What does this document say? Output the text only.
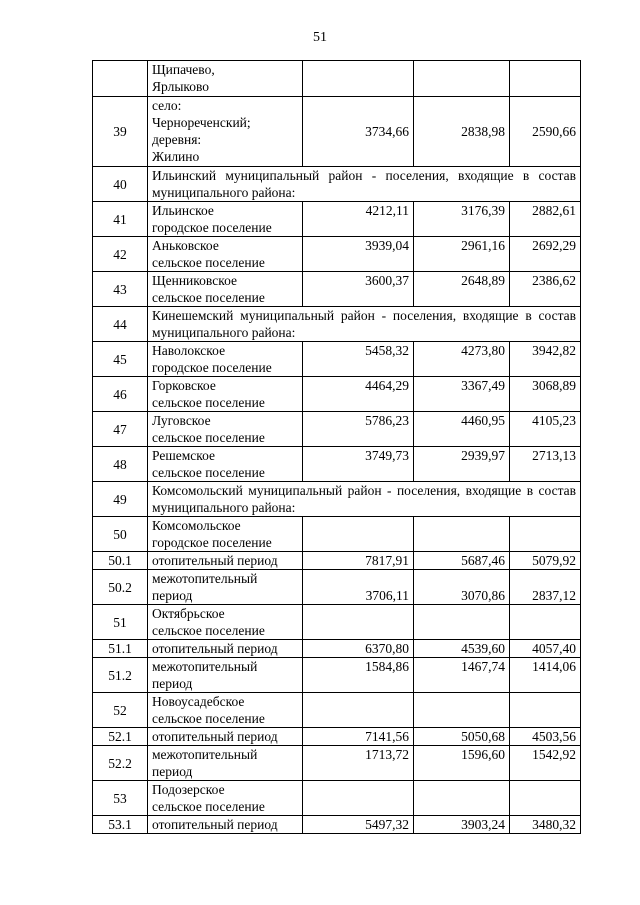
51
	Щипачево,
Ярлыково			
39	село:
Чернореченский;
деревня:
Жилино	3734,66	2838,98	2590,66
40	Ильинский муниципальный район - поселения, входящие в состав муниципального района:			
41	Ильинское
городское поселение	4212,11	3176,39	2882,61
42	Аньковское
сельское поселение	3939,04	2961,16	2692,29
43	Щенниковское
сельское поселение	3600,37	2648,89	2386,62
44	Кинешемский муниципальный район - поселения, входящие в состав муниципального района:			
45	Наволокское
городское поселение	5458,32	4273,80	3942,82
46	Горковское
сельское поселение	4464,29	3367,49	3068,89
47	Луговское
сельское поселение	5786,23	4460,95	4105,23
48	Решемское
сельское поселение	3749,73	2939,97	2713,13
49	Комсомольский муниципальный район - поселения, входящие в состав муниципального района:			
50	Комсомольское
городское поселение			
50.1	отопительный период	7817,91	5687,46	5079,92
50.2	межотопительный
период	3706,11	3070,86	2837,12
51	Октябрьское
сельское поселение			
51.1	отопительный период	6370,80	4539,60	4057,40
51.2	межотопительный
период	1584,86	1467,74	1414,06
52	Новоусадебское
сельское поселение			
52.1	отопительный период	7141,56	5050,68	4503,56
52.2	межотопительный
период	1713,72	1596,60	1542,92
53	Подозерское
сельское поселение			
53.1	отопительный период	5497,32	3903,24	3480,32
